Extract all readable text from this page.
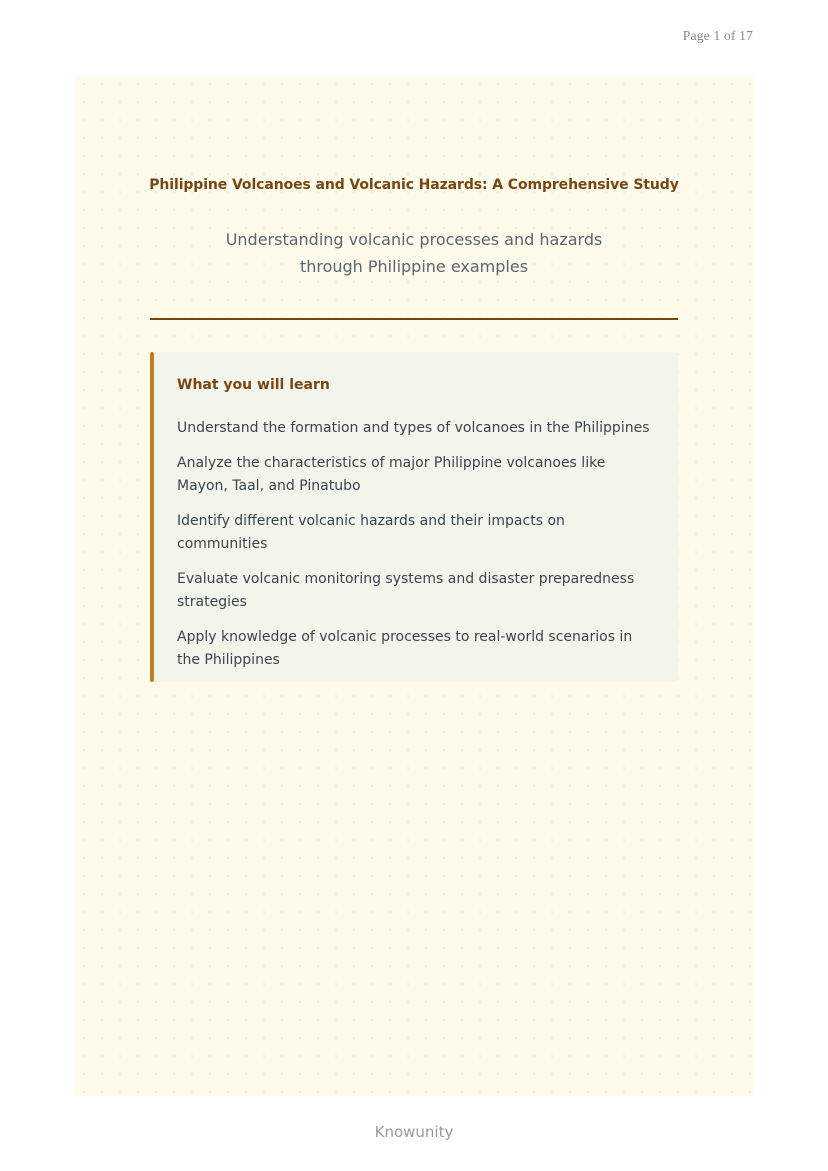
Page 1 of 17
Philippine Volcanoes and Volcanic Hazards: A Comprehensive Study
Understanding volcanic processes and hazards through Philippine examples
What you will learn
Understand the formation and types of volcanoes in the Philippines
Analyze the characteristics of major Philippine volcanoes like Mayon, Taal, and Pinatubo
Identify different volcanic hazards and their impacts on communities
Evaluate volcanic monitoring systems and disaster preparedness strategies
Apply knowledge of volcanic processes to real-world scenarios in the Philippines
Knowunity
